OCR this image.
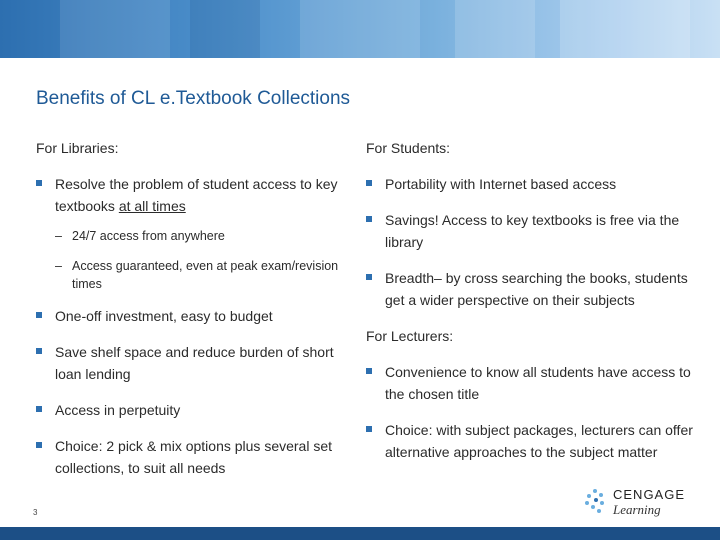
Benefits of CL e.Textbook Collections
For Libraries:
Resolve the problem of student access to key textbooks at all times
– 24/7 access from anywhere
– Access guaranteed, even at peak exam/revision times
One-off investment, easy to budget
Save shelf space and reduce burden of short loan lending
Access in perpetuity
Choice: 2 pick & mix options plus several set collections, to suit all needs
For Students:
Portability with Internet based access
Savings! Access to key textbooks is free via the library
Breadth– by cross searching the books, students get a wider perspective on their subjects
For Lecturers:
Convenience to know all students have access to the chosen title
Choice: with subject packages, lecturers can offer alternative approaches to the subject matter
3
CENGAGE
Learning
